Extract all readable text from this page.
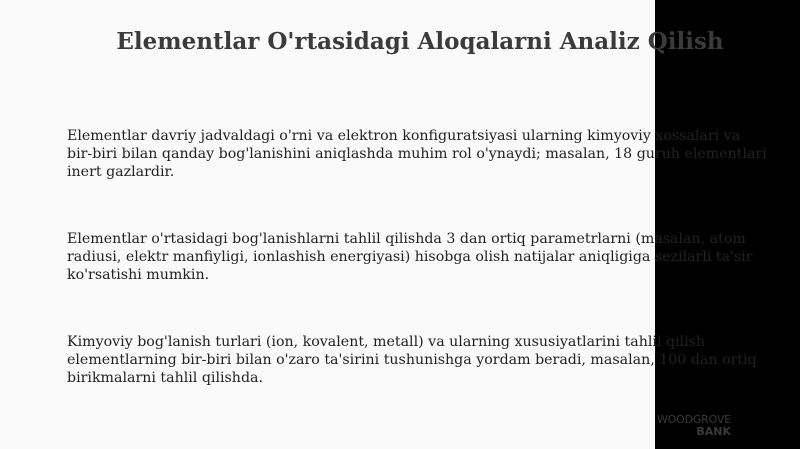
Elementlar O'rtasidagi Aloqalarni Analiz Qilish

Elementlar davriy jadvaldagi o'rni va elektron konfiguratsiyasi ularning kimyoviy xossalari va bir-biri bilan qanday bog'lanishini aniqlashda muhim rol o'ynaydi; masalan, 18 guruh elementlari inert gazlardir.

Elementlar o'rtasidagi bog'lanishlarni tahlil qilishda 3 dan ortiq parametrlarni (masalan, atom radiusi, elektr manfiyligi, ionlashish energiyasi) hisobga olish natijalar aniqligiga sezilarli ta'sir ko'rsatishi mumkin.

Kimyoviy bog'lanish turlari (ion, kovalent, metall) va ularning xususiyatlarini tahlil qilish elementlarning bir-biri bilan o'zaro ta'sirini tushunishga yordam beradi, masalan, 100 dan ortiq birikmalarni tahlil qilishda.

WOODGROVE
BANK
